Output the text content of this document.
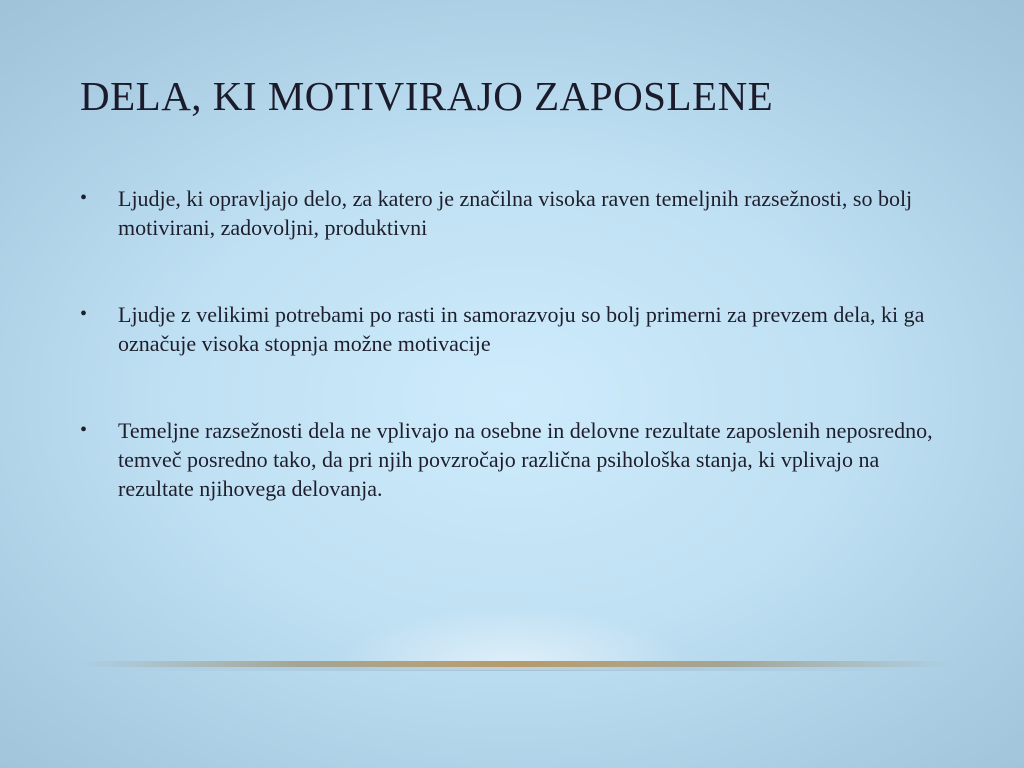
DELA, KI MOTIVIRAJO ZAPOSLENE
•	Ljudje, ki opravljajo delo, za katero je značilna visoka raven temeljnih razsežnosti, so bolj motivirani, zadovoljni, produktivni
•	Ljudje z velikimi potrebami po rasti in samorazvoju so bolj primerni za prevzem dela, ki ga označuje visoka stopnja možne motivacije
•	Temeljne razsežnosti dela ne vplivajo na osebne in delovne rezultate zaposlenih neposredno, temveč posredno tako, da pri njih povzročajo različna psihološka stanja, ki vplivajo na rezultate njihovega delovanja.
